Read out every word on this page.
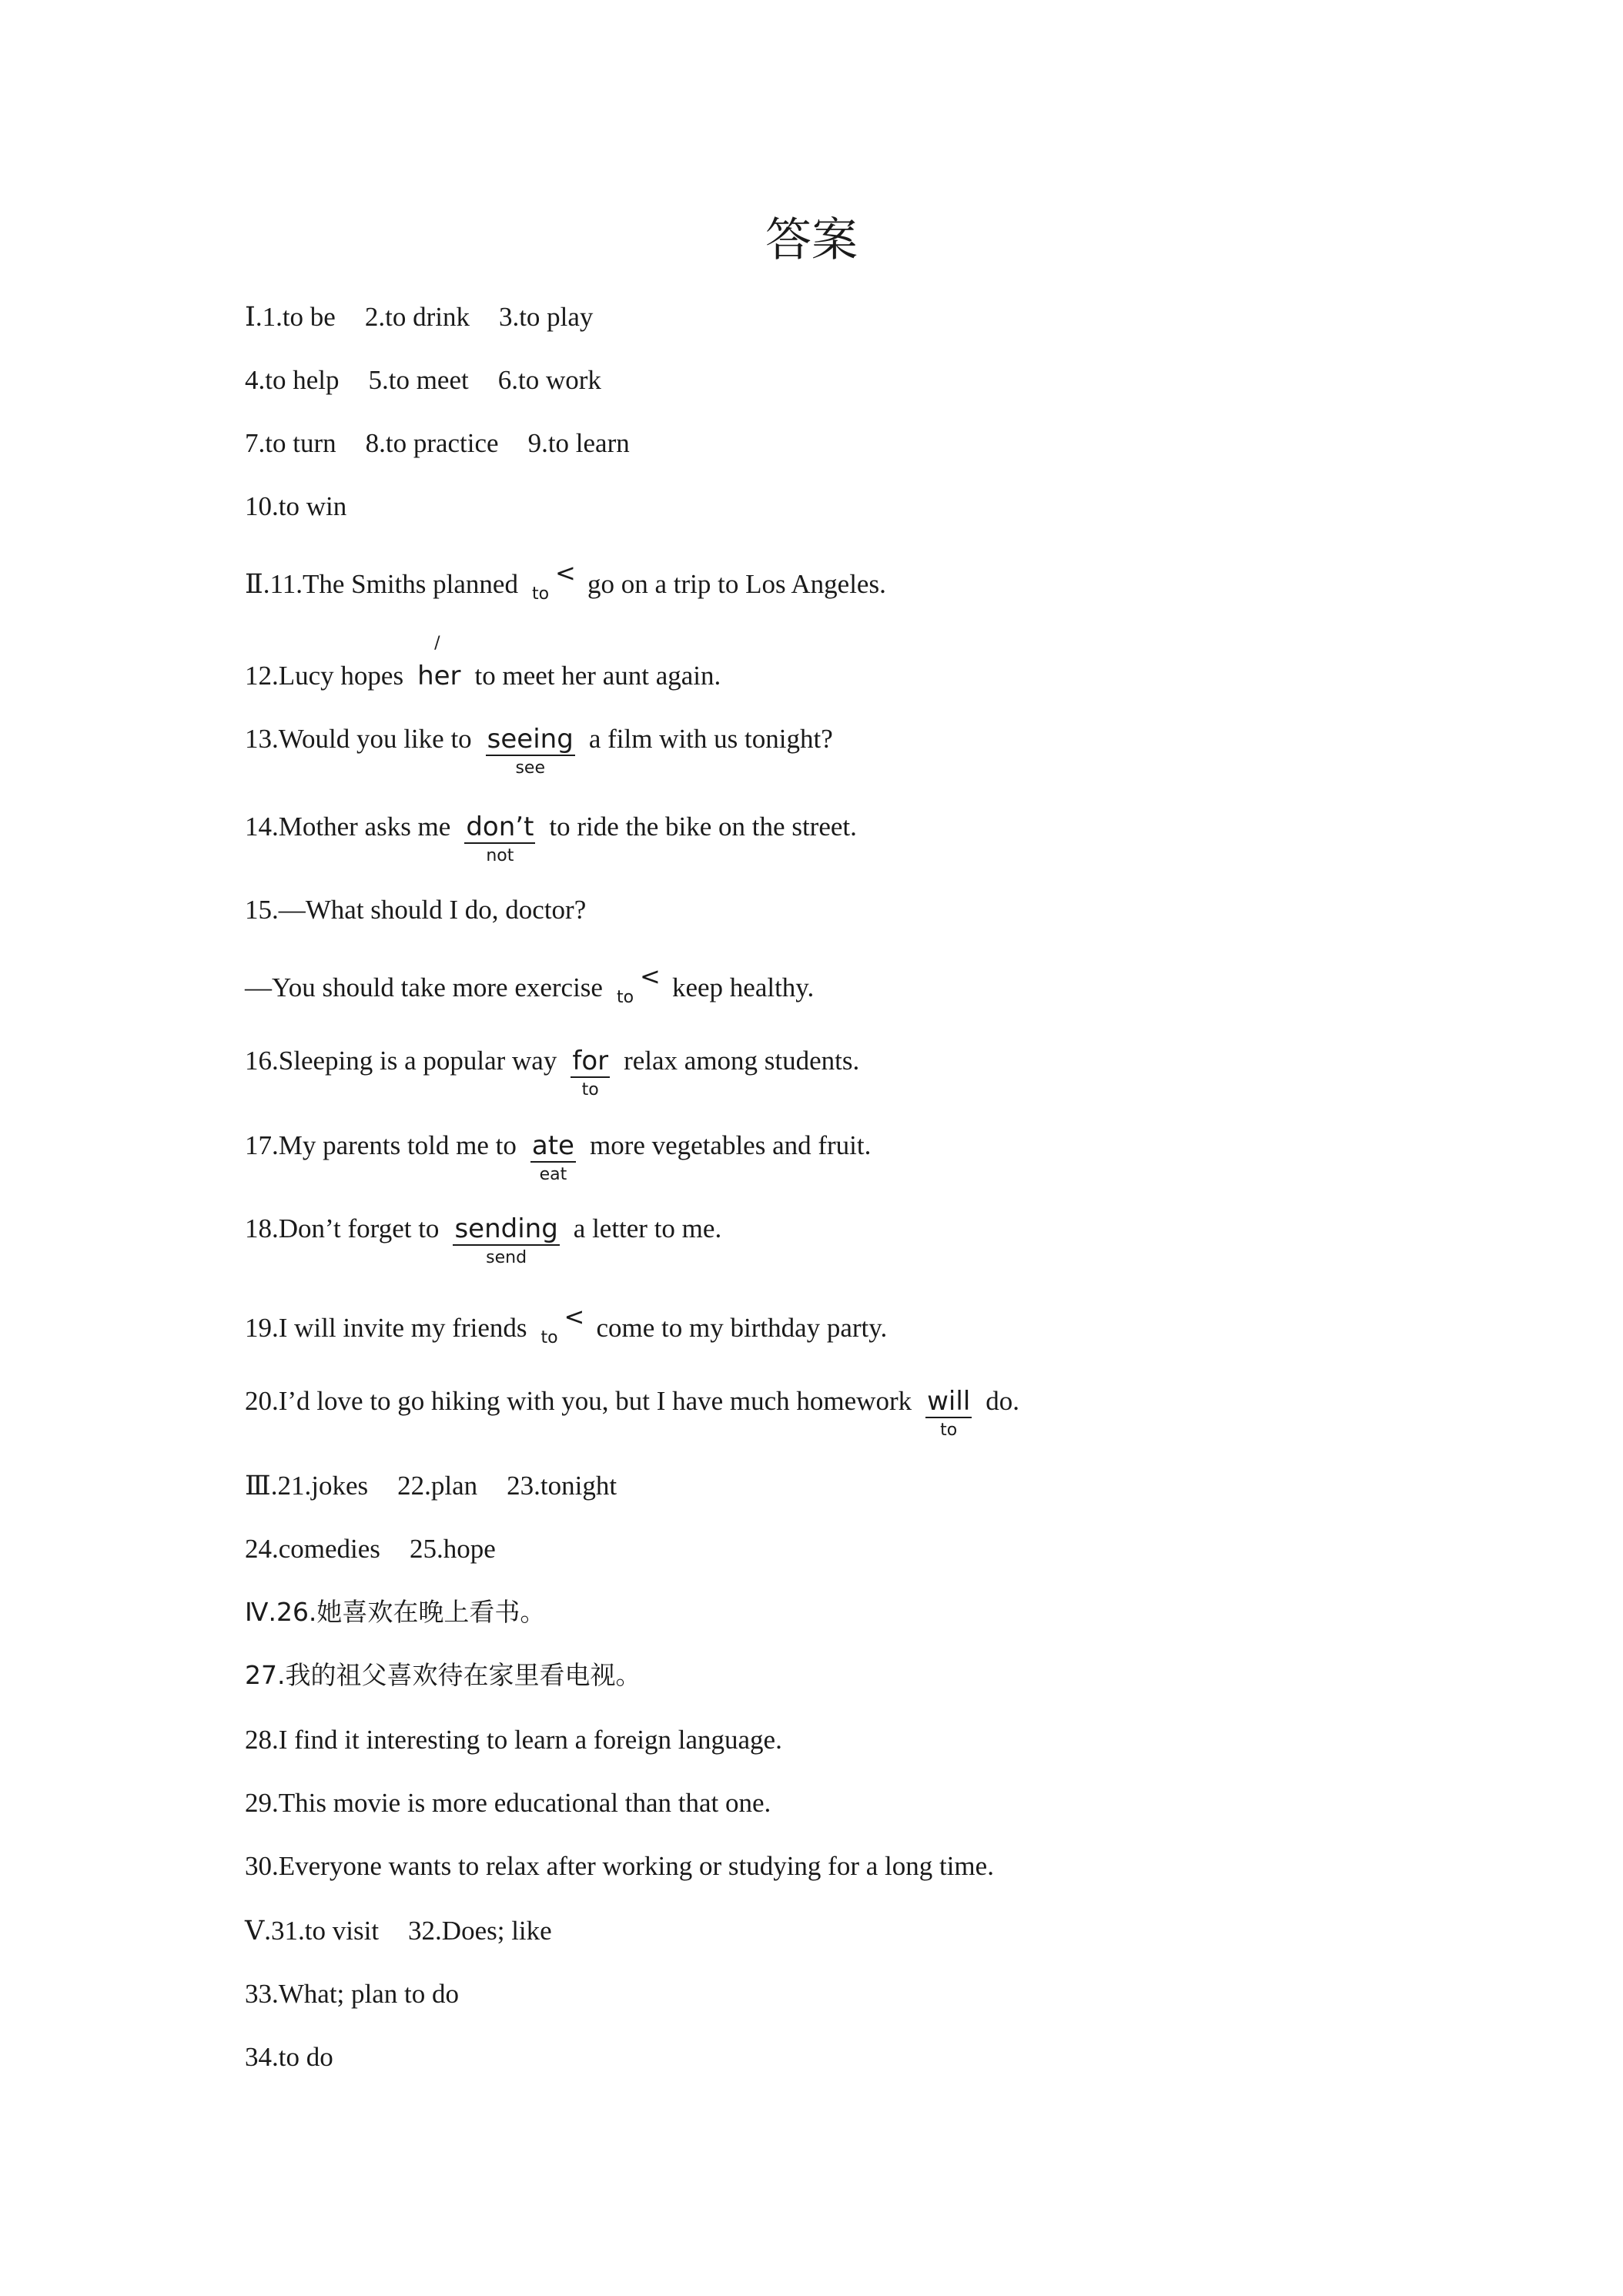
答案
Ⅰ.1.to be 2.to drink 3.to play
4.to help 5.to meet 6.to work
7.to turn 8.to practice 9.to learn
10.to win
Ⅱ.11.The Smiths planned to
< go on a trip to Los Angeles.
12.Lucy hopes
/
her to meet her aunt again.
13.Would you like to seeing
see
a film with us tonight?
14.Mother asks me don’t
not
to ride the bike on the street.
15.—What should I do, doctor?
—You should take more exercise to
< keep healthy.
16.Sleeping is a popular way for
to
relax among students.
17.My parents told me to ate
eat
more vegetables and fruit.
18.Don’t forget to sending
send
a letter to me.
19.I will invite my friends to
< come to my birthday party.
20.I’d love to go hiking with you, but I have much homework will
to
do.
Ⅲ.21.jokes 22.plan 23.tonight
24.comedies 25.hope
Ⅳ.26.她喜欢在晚上看书。
27.我的祖父喜欢待在家里看电视。
28.I find it interesting to learn a foreign language.
29.This movie is more educational than that one.
30.Everyone wants to relax after working or studying for a long time.
Ⅴ.31.to visit 32.Does; like
33.What; plan to do
34.to do
